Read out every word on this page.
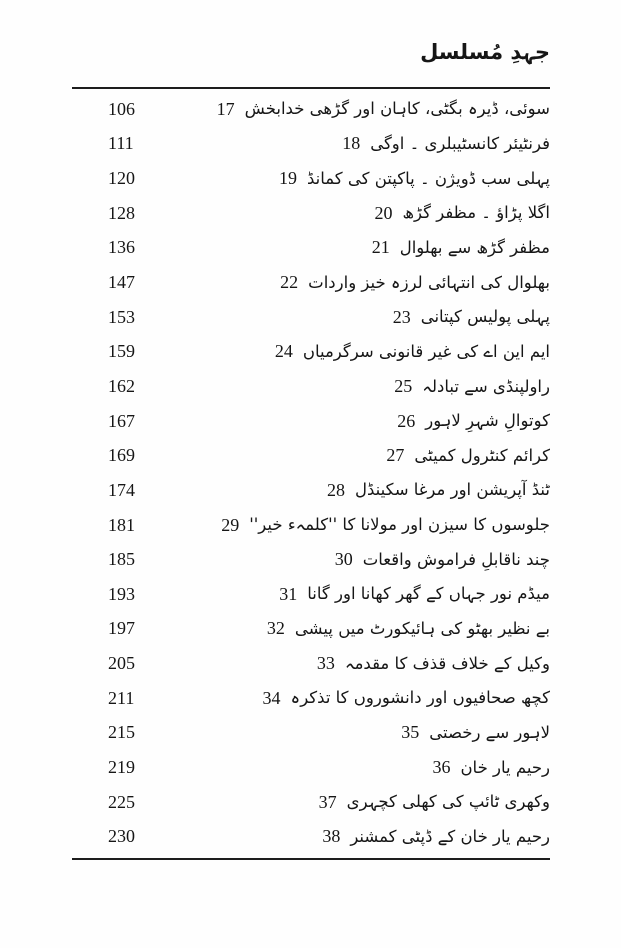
جہدِ مُسلسل
106	17 سوئی، ڈیرہ بگٹی، کاہان اور گڑھی خدابخش
111	18 فرنٹیئر کانسٹیبلری ۔ اوگی
120	19 پہلی سب ڈویژن ۔ پاکپتن کی کمانڈ
128	20 اگلا پڑاؤ ۔ مظفر گڑھ
136	21 مظفر گڑھ سے بھلوال
147	22 بھلوال کی انتہائی لرزہ خیز واردات
153	23 پہلی پولیس کپتانی
159	24 ایم این اے کی غیر قانونی سرگرمیاں
162	25 راولپنڈی سے تبادلہ
167	26 کوتوالِ شہرِ لاہور
169	27 کرائم کنٹرول کمیٹی
174	28 ٹنڈ آپریشن اور مرغا سکینڈل
181	29 جلوسوں کا سیزن اور مولانا کا ''کلمہء خیر''
185	30 چند ناقابلِ فراموش واقعات
193	31 میڈم نور جہاں کے گھر کھانا اور گانا
197	32 بے نظیر بھٹو کی ہائیکورٹ میں پیشی
205	33 وکیل کے خلاف قذف کا مقدمہ
211	34 کچھ صحافیوں اور دانشوروں کا تذکرہ
215	35 لاہور سے رخصتی
219	36 رحیم یار خان
225	37 وکھری ٹائپ کی کھلی کچہری
230	38 رحیم یار خان کے ڈپٹی کمشنر
